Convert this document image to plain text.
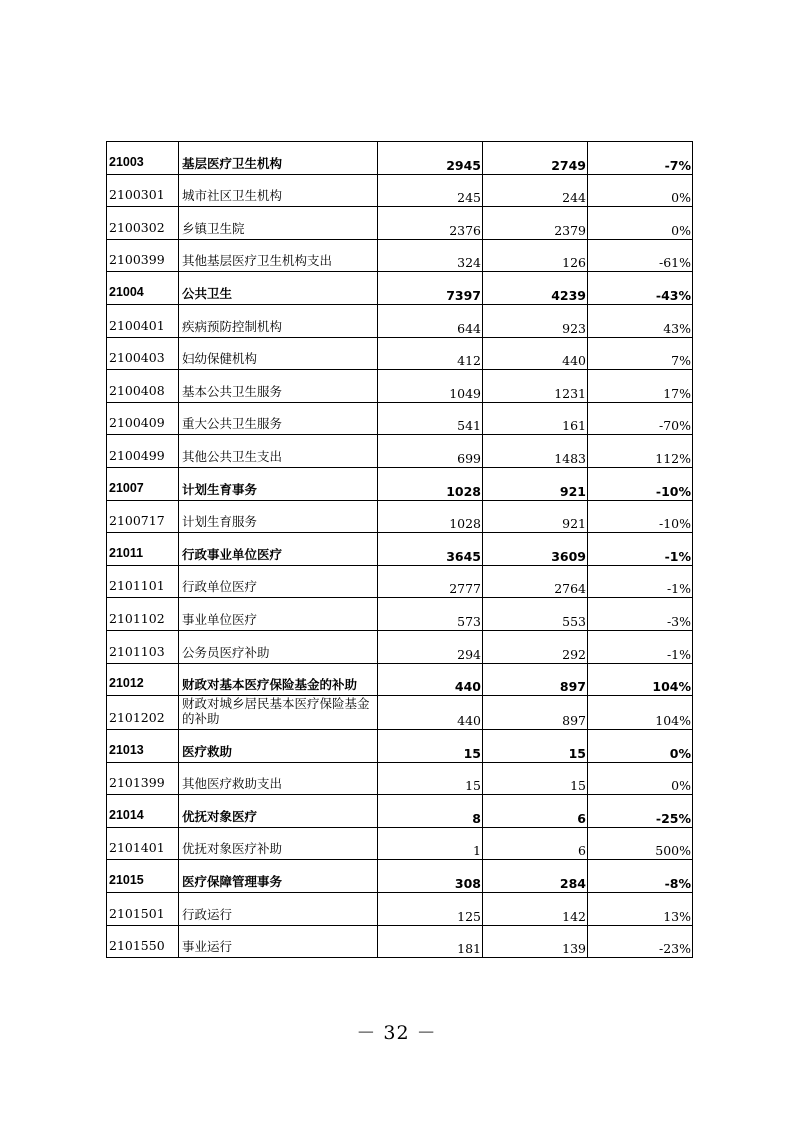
21003	基层医疗卫生机构	2945	2749	-7%
2100301	城市社区卫生机构	245	244	0%
2100302	乡镇卫生院	2376	2379	0%
2100399	其他基层医疗卫生机构支出	324	126	-61%
21004	公共卫生	7397	4239	-43%
2100401	疾病预防控制机构	644	923	43%
2100403	妇幼保健机构	412	440	7%
2100408	基本公共卫生服务	1049	1231	17%
2100409	重大公共卫生服务	541	161	-70%
2100499	其他公共卫生支出	699	1483	112%
21007	计划生育事务	1028	921	-10%
2100717	计划生育服务	1028	921	-10%
21011	行政事业单位医疗	3645	3609	-1%
2101101	行政单位医疗	2777	2764	-1%
2101102	事业单位医疗	573	553	-3%
2101103	公务员医疗补助	294	292	-1%
21012	财政对基本医疗保险基金的补助	440	897	104%
2101202	财政对城乡居民基本医疗保险基金的补助	440	897	104%
21013	医疗救助	15	15	0%
2101399	其他医疗救助支出	15	15	0%
21014	优抚对象医疗	8	6	-25%
2101401	优抚对象医疗补助	1	6	500%
21015	医疗保障管理事务	308	284	-8%
2101501	行政运行	125	142	13%
2101550	事业运行	181	139	-23%
－ 32 －
